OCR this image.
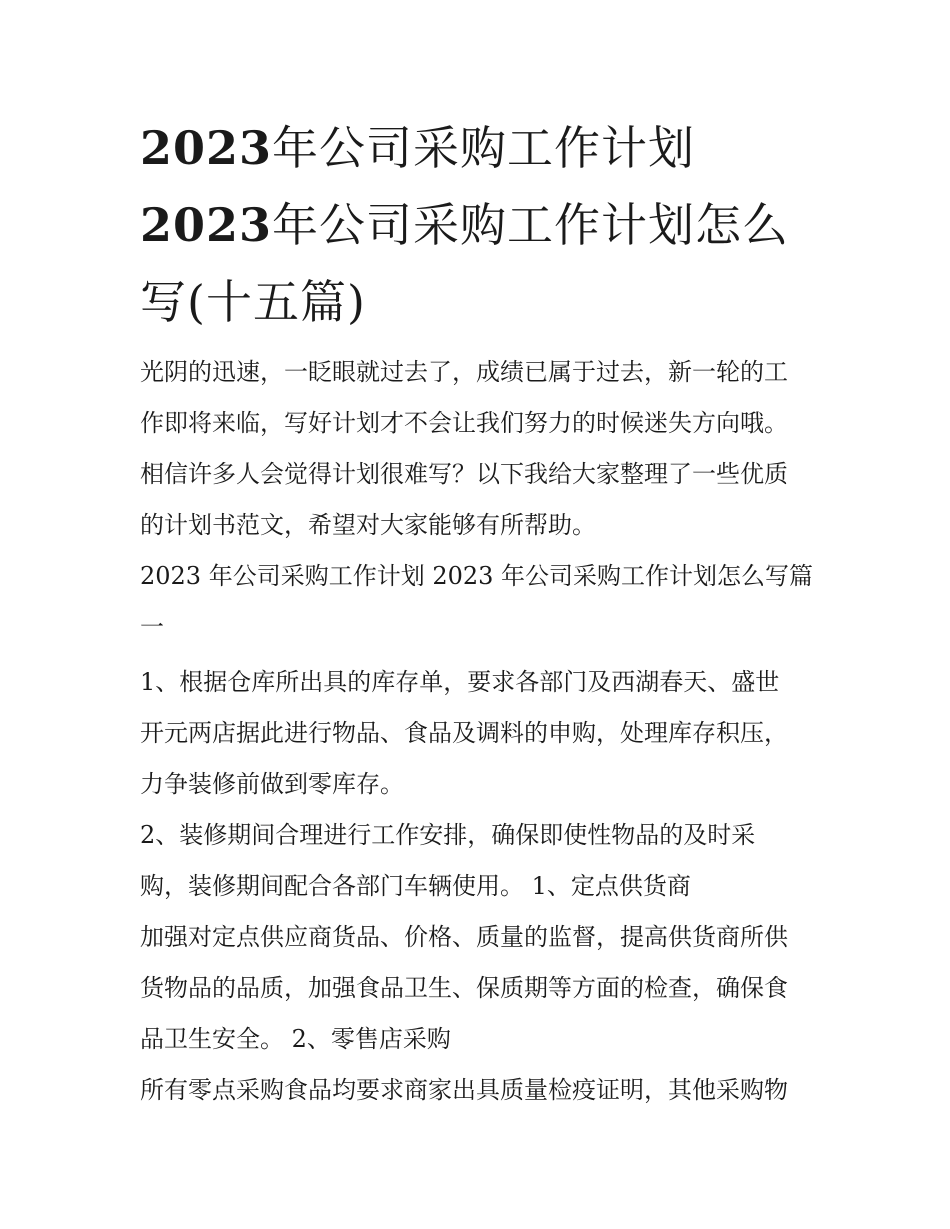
2023年公司采购工作计划
2023年公司采购工作计划怎么
写(十五篇)

光阴的迅速，一眨眼就过去了，成绩已属于过去，新一轮的工

作即将来临，写好计划才不会让我们努力的时候迷失方向哦。

相信许多人会觉得计划很难写？以下我给大家整理了一些优质

的计划书范文，希望对大家能够有所帮助。

2023 年公司采购工作计划 2023 年公司采购工作计划怎么写篇

一

1、根据仓库所出具的库存单，要求各部门及西湖春天、盛世

开元两店据此进行物品、食品及调料的申购，处理库存积压，

力争装修前做到零库存。

2、装修期间合理进行工作安排，确保即使性物品的及时采

购，装修期间配合各部门车辆使用。 1、定点供货商

加强对定点供应商货品、价格、质量的监督，提高供货商所供

货物品的品质，加强食品卫生、保质期等方面的检查，确保食

品卫生安全。 2、零售店采购

所有零点采购食品均要求商家出具质量检疫证明，其他采购物
